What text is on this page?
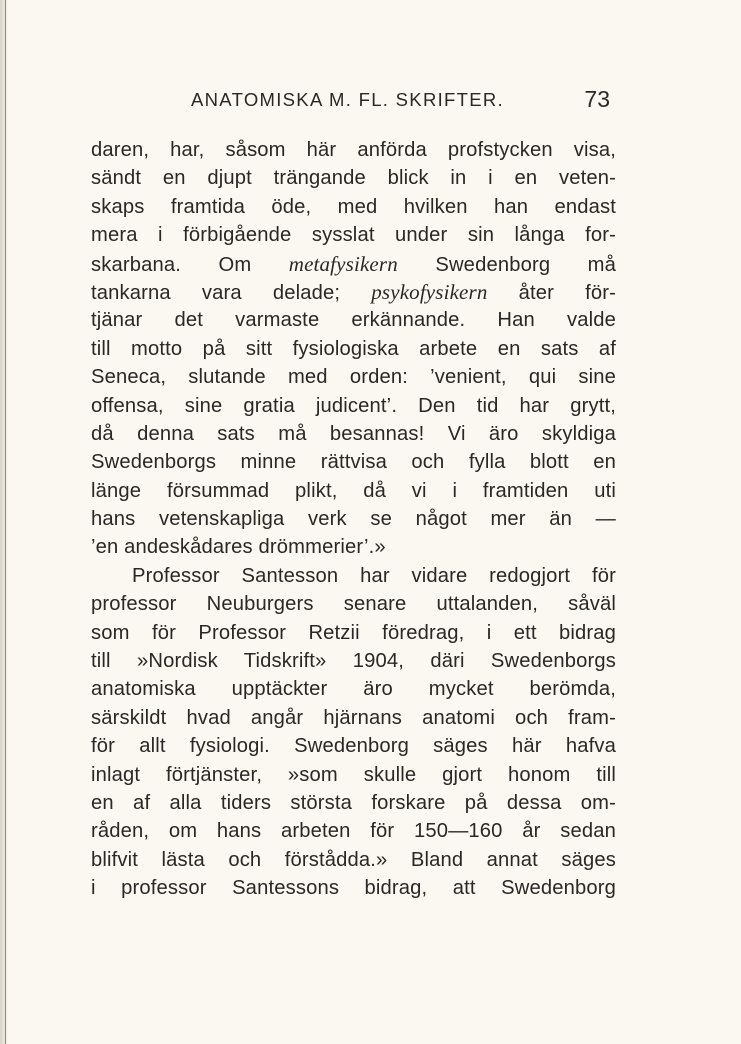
ANATOMISKA M. FL. SKRIFTER.	73
daren, har, såsom här anförda profstycken visa,
sändt en djupt trängande blick in i en veten-
skaps framtida öde, med hvilken han endast
mera i förbigående sysslat under sin långa for-
skarbana. Om metafysikern Swedenborg må
tankarna vara delade; psykofysikern åter för-
tjänar det varmaste erkännande. Han valde
till motto på sitt fysiologiska arbete en sats af
Seneca, slutande med orden: ’venient, qui sine
offensa, sine gratia judicent’. Den tid har grytt,
då denna sats må besannas! Vi äro skyldiga
Swedenborgs minne rättvisa och fylla blott en
länge försummad plikt, då vi i framtiden uti
hans vetenskapliga verk se något mer än —
’en andeskådares drömmerier’.»
Professor Santesson har vidare redogjort för
professor Neuburgers senare uttalanden, såväl
som för Professor Retzii föredrag, i ett bidrag
till »Nordisk Tidskrift» 1904, däri Swedenborgs
anatomiska upptäckter äro mycket berömda,
särskildt hvad angår hjärnans anatomi och fram-
för allt fysiologi. Swedenborg säges här hafva
inlagt förtjänster, »som skulle gjort honom till
en af alla tiders största forskare på dessa om-
råden, om hans arbeten för 150—160 år sedan
blifvit lästa och förstådda.» Bland annat säges
i professor Santessons bidrag, att Swedenborg
